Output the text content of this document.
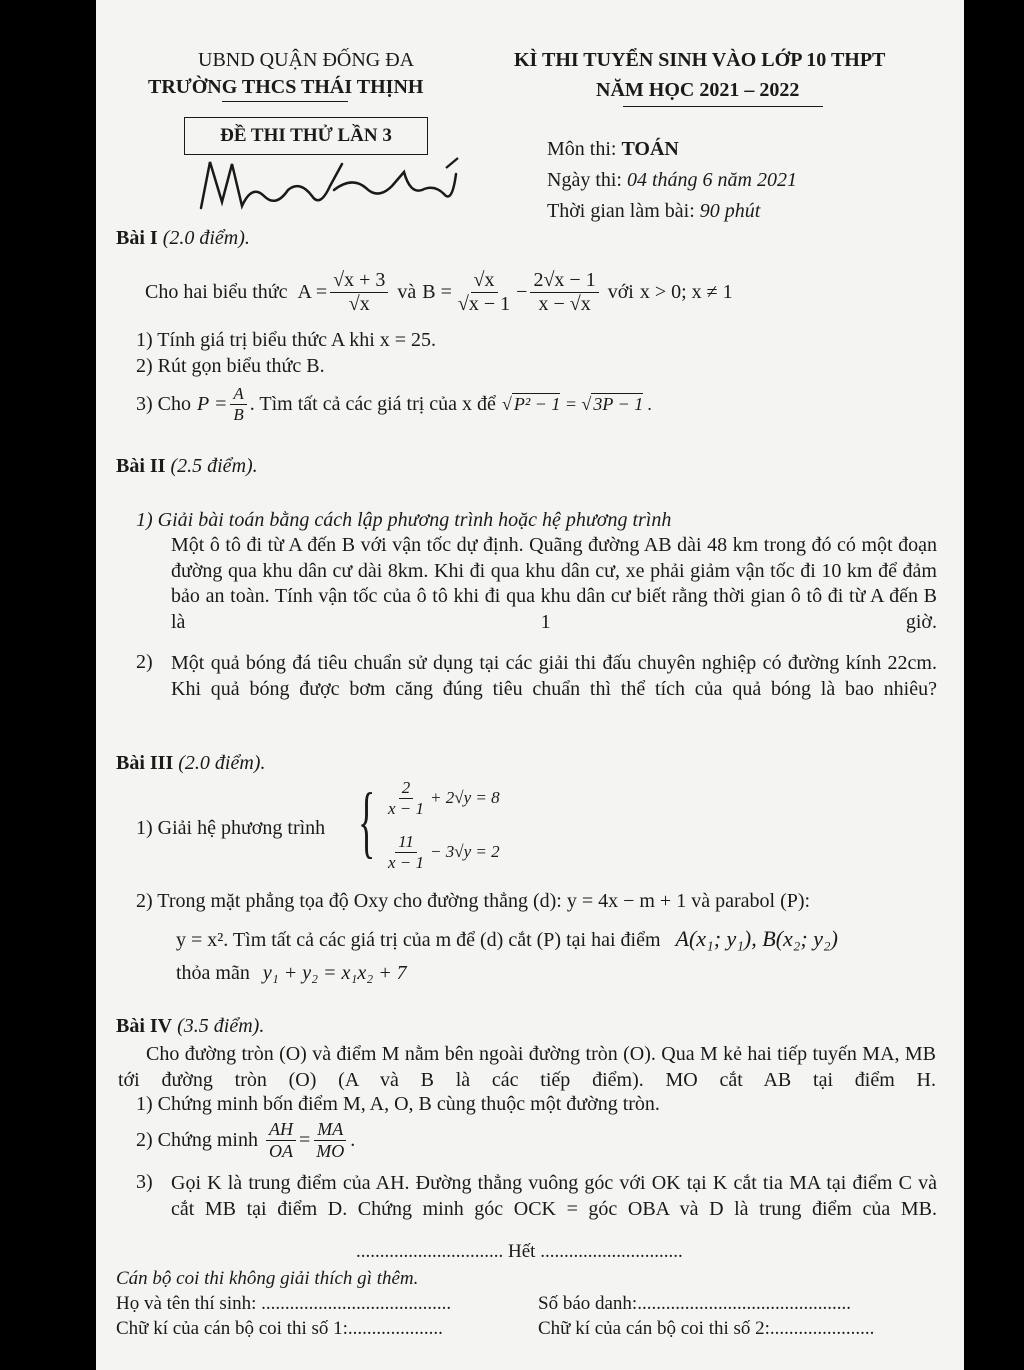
UBND QUẬN ĐỐNG ĐA
TRƯỜNG THCS THÁI THỊNH
KÌ THI TUYỂN SINH VÀO LỚP 10 THPT
NĂM HỌC 2021 – 2022
ĐỀ THI THỬ LẦN 3
Môn thi: TOÁN
Ngày thi: 04 tháng 6 năm 2021
Thời gian làm bài: 90 phút
Bài I (2.0 điểm).
Cho hai biểu thức A = √ x + 3
√ x và B = √ x
√ $x - 1 - \frac{2√x - 1}{x - √x}$ với x > 0; x ≠ 1
1) Tính giá trị biểu thức A khi x = 25.
2) Rút gọn biểu thức B.
3) Cho $P = \frac{A}{B}$ . Tìm tất cả các giá trị của x để √ P² − 1 = √ 3P − 1 .
Bài II (2.5 điểm).
1) Giải bài toán bằng cách lập phương trình hoặc hệ phương trình
Một ô tô đi từ A đến B với vận tốc dự định. Quãng đường AB dài 48 km trong đó có một đoạn đường qua khu dân cư dài 8km. Khi đi qua khu dân cư, xe phải giảm vận tốc đi 10 km để đảm bảo an toàn. Tính vận tốc của ô tô khi đi qua khu dân cư biết rằng thời gian ô tô đi từ A đến B là 1 giờ.
2) Một quả bóng đá tiêu chuẩn sử dụng tại các giải thi đấu chuyên nghiệp có đường kính 22cm. Khi quả bóng được bơm căng đúng tiêu chuẩn thì thể tích của quả bóng là bao nhiêu?
Bài III (2.0 điểm).
1) Giải hệ phương trình { $\frac{2}{x - 1} + 2√y = 8$
$\frac{11}{x - 1} - 3√y = 2$
2) Trong mặt phẳng tọa độ Oxy cho đường thẳng (d): y = 4x − m + 1 và parabol (P):
y = x². Tìm tất cả các giá trị của m để (d) cắt (P) tại hai điểm A(x₁; y₁), B(x₂; y₂)
thỏa mãn y₁ + y₂ = x₁x₂ + 7
Bài IV (3.5 điểm).
Cho đường tròn (O) và điểm M nằm bên ngoài đường tròn (O). Qua M kẻ hai tiếp tuyến MA, MB tới đường tròn (O) (A và B là các tiếp điểm). MO cắt AB tại điểm H.
1) Chứng minh bốn điểm M, A, O, B cùng thuộc một đường tròn.
2) Chứng minh $\frac{AH}{OA} = \frac{MA}{MO}$ .
3) Gọi K là trung điểm của AH. Đường thẳng vuông góc với OK tại K cắt tia MA tại điểm C và cắt MB tại điểm D. Chứng minh góc OCK = góc OBA và D là trung điểm của MB.
............................... Hết ..............................
Cán bộ coi thi không giải thích gì thêm.
Họ và tên thí sinh: ........................................	Số báo danh:.............................................
Chữ kí của cán bộ coi thi số 1:....................	Chữ kí của cán bộ coi thi số 2:......................
